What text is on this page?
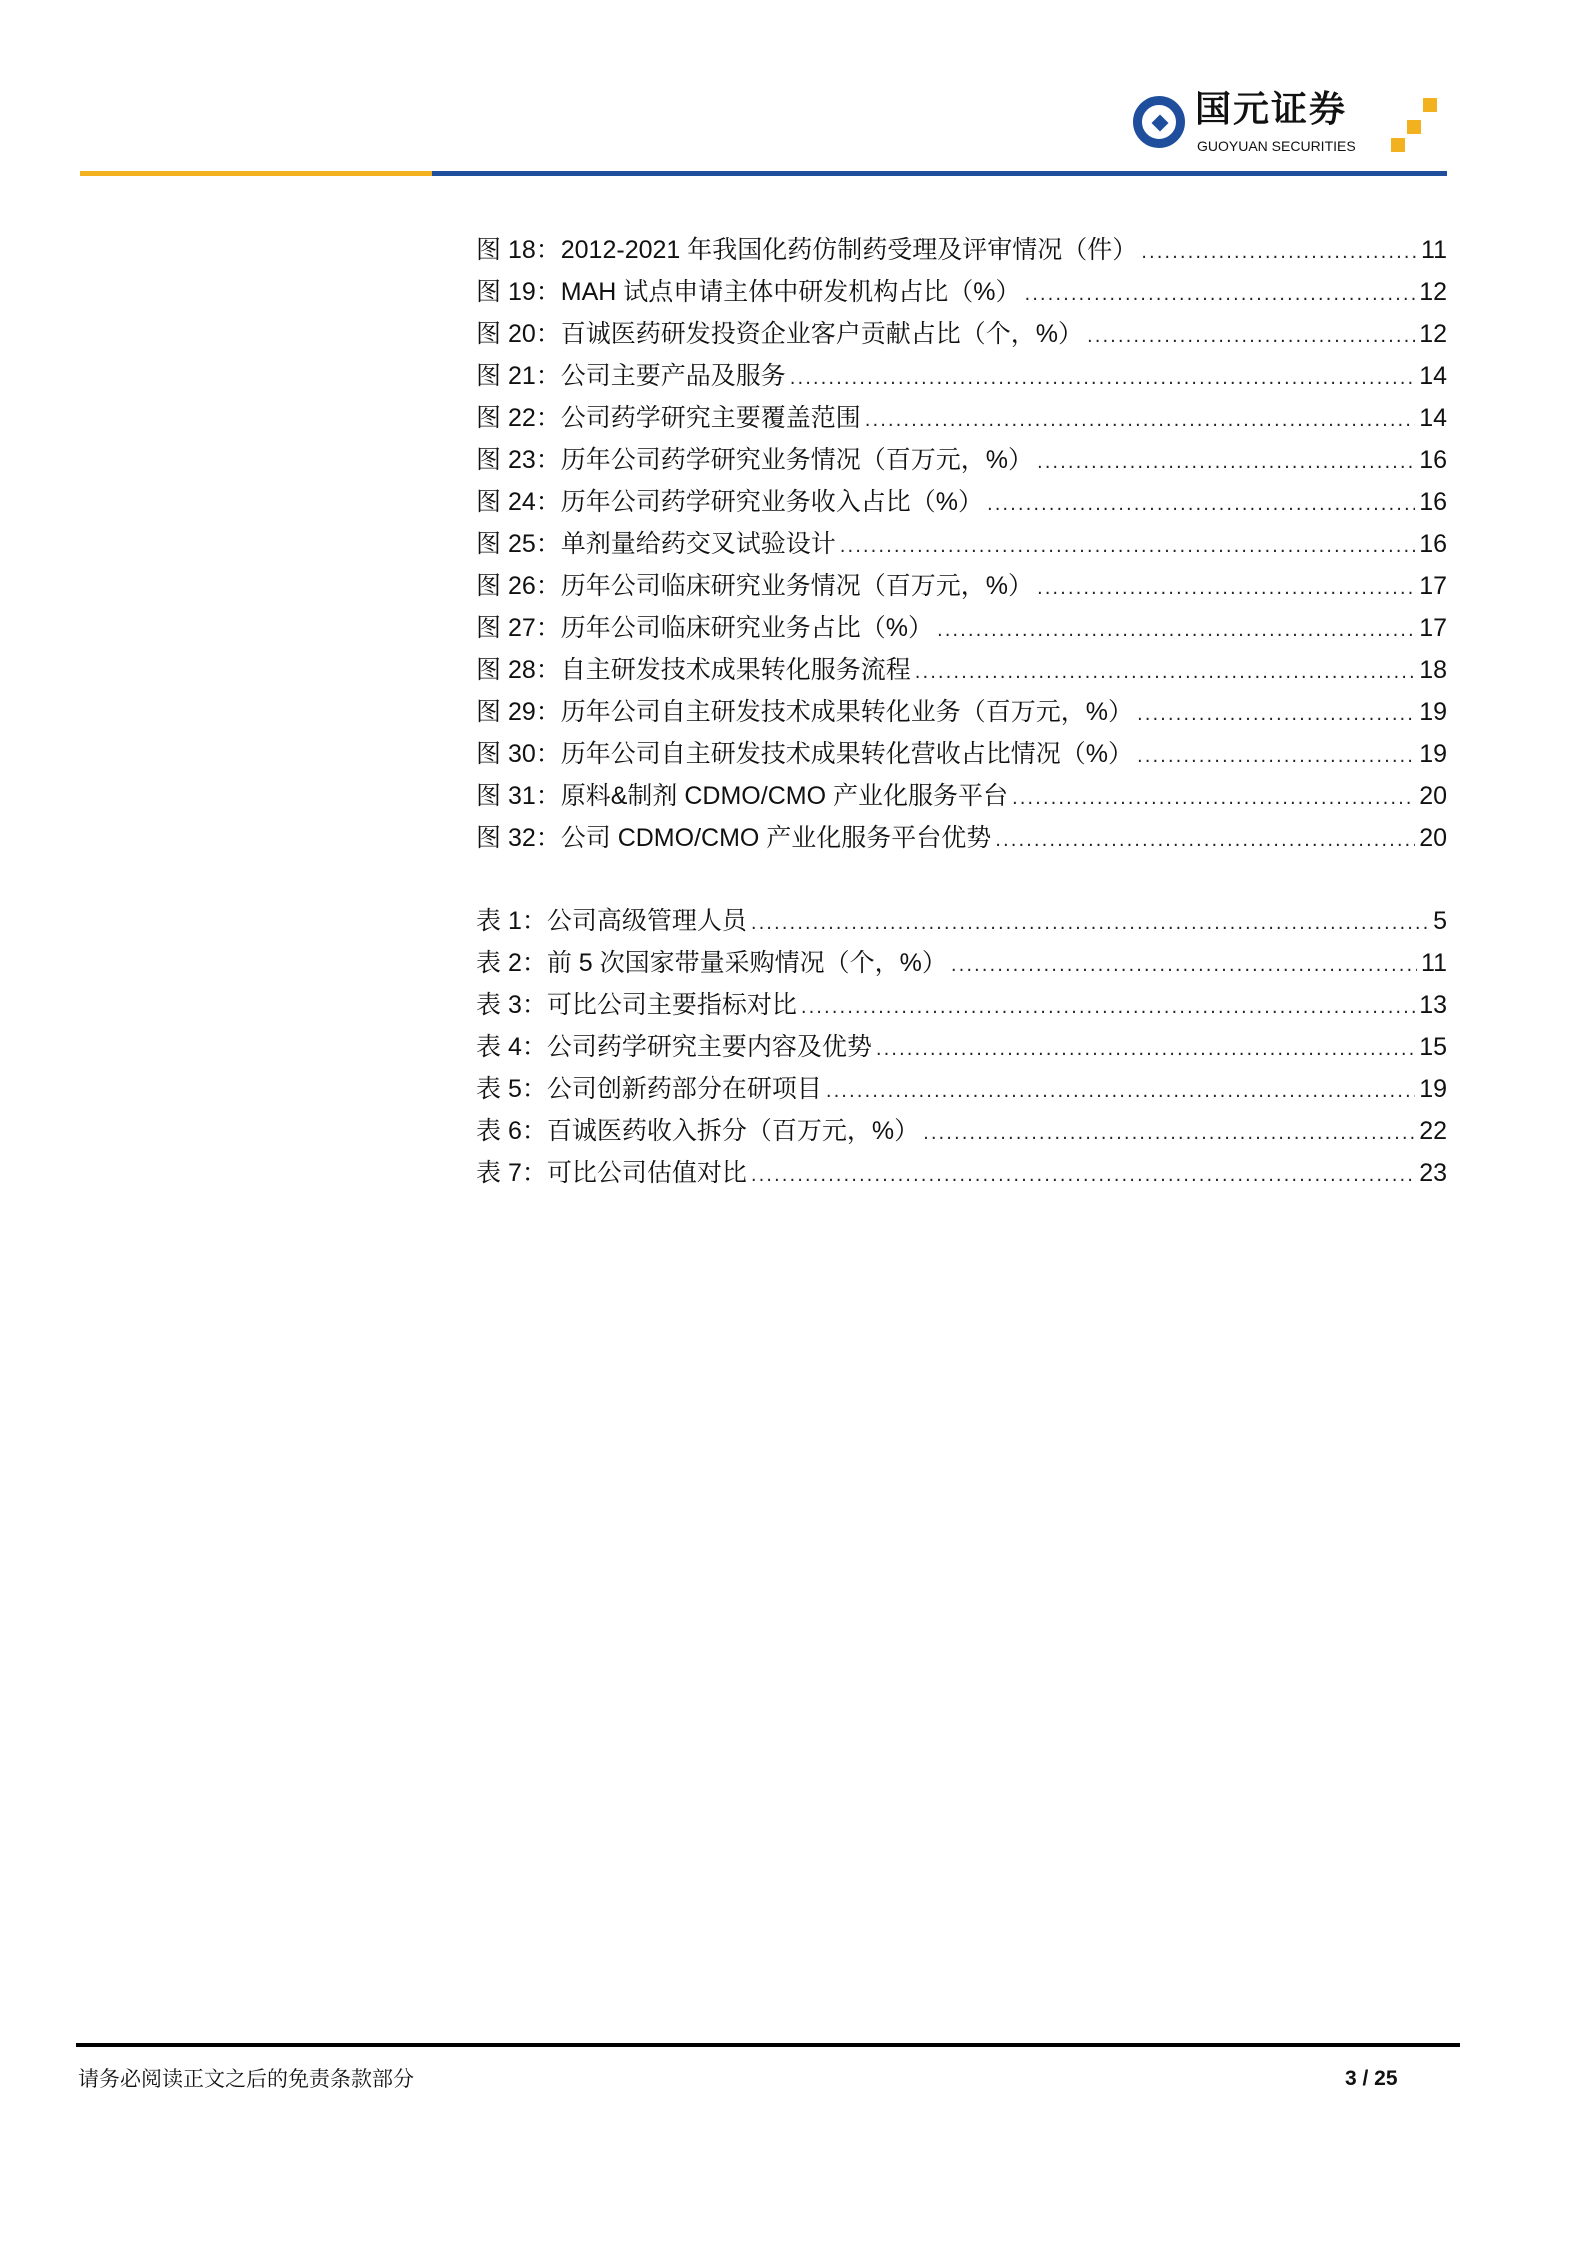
国元证券
GUOYUAN SECURITIES
图 18：2012-2021 年我国化药仿制药受理及评审情况（件） .....	11
图 19：MAH 试点申请主体中研发机构占比（%） .....	12
图 20：百诚医药研发投资企业客户贡献占比（个，%） .....	12
图 21：公司主要产品及服务 .....	14
图 22：公司药学研究主要覆盖范围 .....	14
图 23：历年公司药学研究业务情况（百万元，%） .....	16
图 24：历年公司药学研究业务收入占比（%） .....	16
图 25：单剂量给药交叉试验设计 .....	16
图 26：历年公司临床研究业务情况（百万元，%） .....	17
图 27：历年公司临床研究业务占比（%） .....	17
图 28：自主研发技术成果转化服务流程 .....	18
图 29：历年公司自主研发技术成果转化业务（百万元，%） .....	19
图 30：历年公司自主研发技术成果转化营收占比情况（%） .....	19
图 31：原料&制剂 CDMO/CMO 产业化服务平台 .....	20
图 32：公司 CDMO/CMO 产业化服务平台优势 .....	20
表 1：公司高级管理人员 .....	5
表 2：前 5 次国家带量采购情况（个，%） .....	11
表 3：可比公司主要指标对比 .....	13
表 4：公司药学研究主要内容及优势 .....	15
表 5：公司创新药部分在研项目 .....	19
表 6：百诚医药收入拆分（百万元，%） .....	22
表 7：可比公司估值对比 .....	23
请务必阅读正文之后的免责条款部分	3 / 25
